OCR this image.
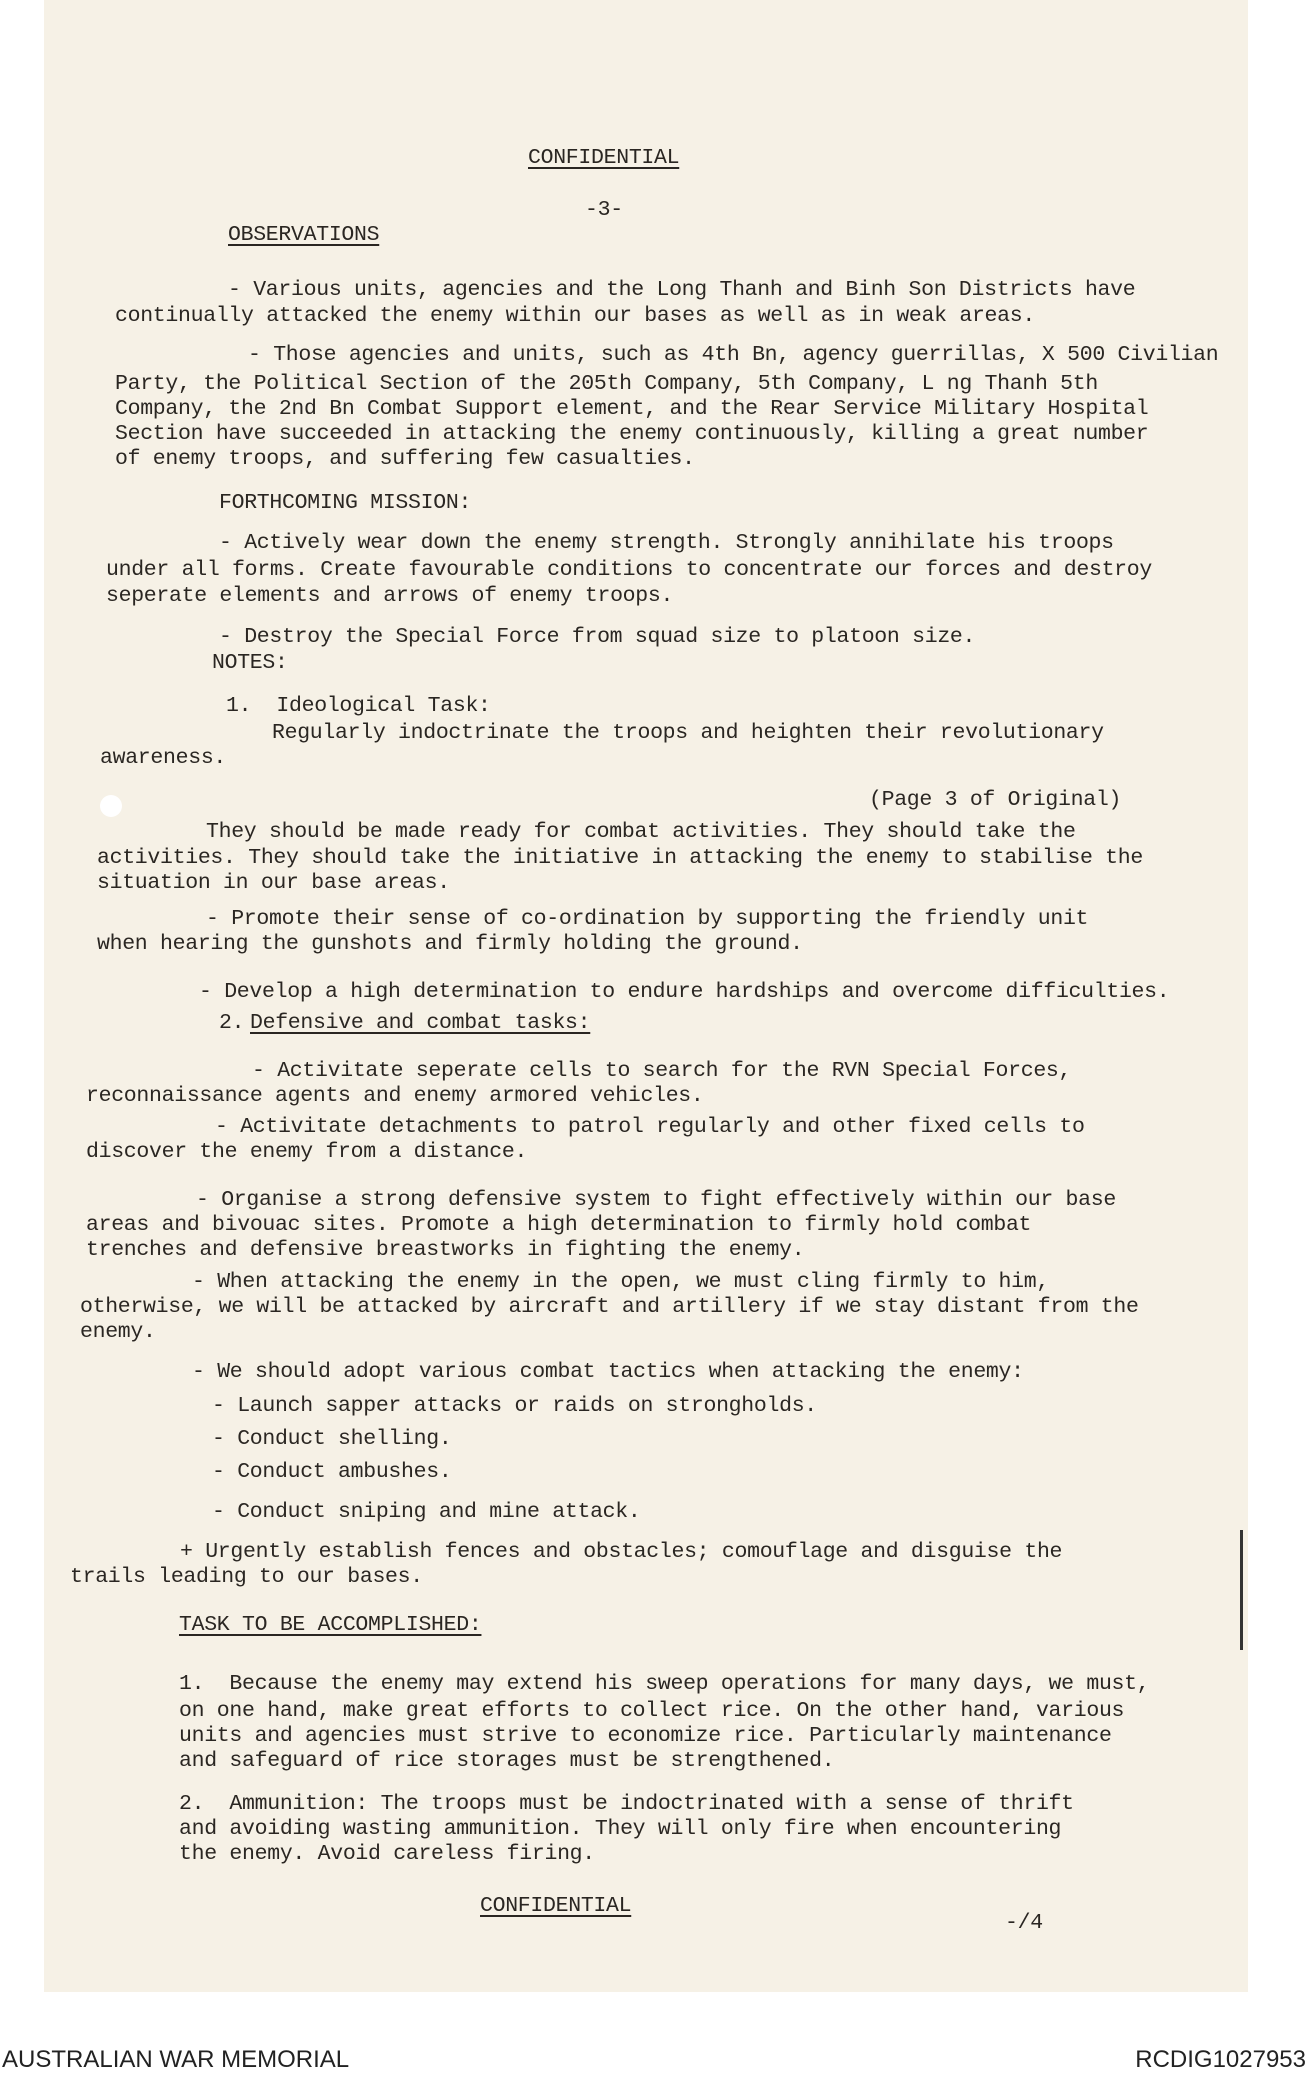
CONFIDENTIAL
-3-
OBSERVATIONS
- Various units, agencies and the Long Thanh and Binh Son Districts have
continually attacked the enemy within our bases as well as in weak areas.
- Those agencies and units, such as 4th Bn, agency guerrillas, X 500 Civilian
Party, the Political Section of the 205th Company, 5th Company, L ng Thanh 5th
Company, the 2nd Bn Combat Support element, and the Rear Service Military Hospital
Section have succeeded in attacking the enemy continuously, killing a great number
of enemy troops, and suffering few casualties.
FORTHCOMING MISSION:
- Actively wear down the enemy strength. Strongly annihilate his troops
under all forms. Create favourable conditions to concentrate our forces and destroy
seperate elements and arrows of enemy troops.
- Destroy the Special Force from squad size to platoon size.
NOTES:
1.  Ideological Task:
Regularly indoctrinate the troops and heighten their revolutionary
awareness.
(Page 3 of Original)
They should be made ready for combat activities. They should take the
activities. They should take the initiative in attacking the enemy to stabilise the
situation in our base areas.
- Promote their sense of co-ordination by supporting the friendly unit
when hearing the gunshots and firmly holding the ground.
- Develop a high determination to endure hardships and overcome difficulties.
2. Defensive and combat tasks:
- Activitate seperate cells to search for the RVN Special Forces,
reconnaissance agents and enemy armored vehicles.
- Activitate detachments to patrol regularly and other fixed cells to
discover the enemy from a distance.
- Organise a strong defensive system to fight effectively within our base
areas and bivouac sites. Promote a high determination to firmly hold combat
trenches and defensive breastworks in fighting the enemy.
- When attacking the enemy in the open, we must cling firmly to him,
otherwise, we will be attacked by aircraft and artillery if we stay distant from the
enemy.
- We should adopt various combat tactics when attacking the enemy:
- Launch sapper attacks or raids on strongholds.
- Conduct shelling.
- Conduct ambushes.
- Conduct sniping and mine attack.
+ Urgently establish fences and obstacles; comouflage and disguise the
trails leading to our bases.
TASK TO BE ACCOMPLISHED:
1.  Because the enemy may extend his sweep operations for many days, we must,
on one hand, make great efforts to collect rice. On the other hand, various
units and agencies must strive to economize rice. Particularly maintenance
and safeguard of rice storages must be strengthened.
2.  Ammunition: The troops must be indoctrinated with a sense of thrift
and avoiding wasting ammunition. They will only fire when encountering
the enemy. Avoid careless firing.
CONFIDENTIAL
-/4
AUSTRALIAN WAR MEMORIAL	RCDIG1027953
